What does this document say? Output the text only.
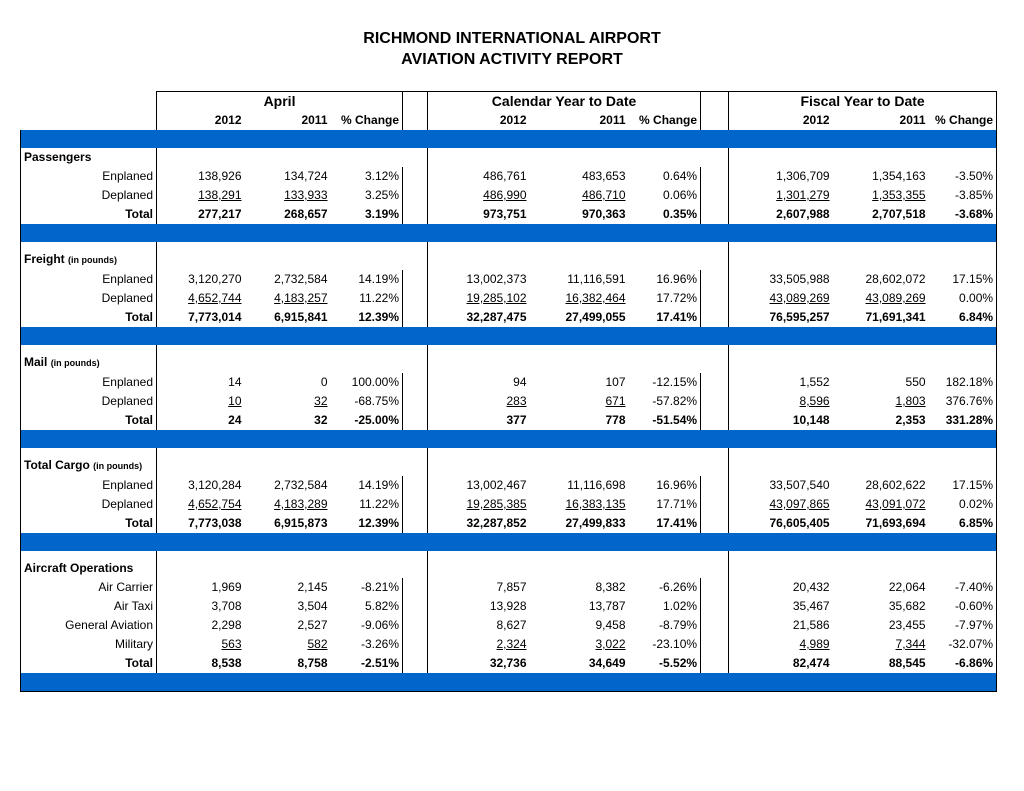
RICHMOND INTERNATIONAL AIRPORT
AVIATION ACTIVITY REPORT
	April				Calendar Year to Date				Fiscal Year to Date		
	2012	2011	% Change		2012	2011	% Change		2012	2011	% Change

Passengers											
Enplaned	138,926	134,724	3.12%		486,761	483,653	0.64%		1,306,709	1,354,163	-3.50%
Deplaned	138,291	133,933	3.25%		486,990	486,710	0.06%		1,301,279	1,353,355	-3.85%
Total	277,217	268,657	3.19%		973,751	970,363	0.35%		2,607,988	2,707,518	-3.68%

Freight (in pounds)											
Enplaned	3,120,270	2,732,584	14.19%		13,002,373	11,116,591	16.96%		33,505,988	28,602,072	17.15%
Deplaned	4,652,744	4,183,257	11.22%		19,285,102	16,382,464	17.72%		43,089,269	43,089,269	0.00%
Total	7,773,014	6,915,841	12.39%		32,287,475	27,499,055	17.41%		76,595,257	71,691,341	6.84%

Mail (in pounds)											
Enplaned	14	0	100.00%		94	107	-12.15%		1,552	550	182.18%
Deplaned	10	32	-68.75%		283	671	-57.82%		8,596	1,803	376.76%
Total	24	32	-25.00%		377	778	-51.54%		10,148	2,353	331.28%

Total Cargo (in pounds)											
Enplaned	3,120,284	2,732,584	14.19%		13,002,467	11,116,698	16.96%		33,507,540	28,602,622	17.15%
Deplaned	4,652,754	4,183,289	11.22%		19,285,385	16,383,135	17.71%		43,097,865	43,091,072	0.02%
Total	7,773,038	6,915,873	12.39%		32,287,852	27,499,833	17.41%		76,605,405	71,693,694	6.85%

Aircraft Operations											
Air Carrier	1,969	2,145	-8.21%		7,857	8,382	-6.26%		20,432	22,064	-7.40%
Air Taxi	3,708	3,504	5.82%		13,928	13,787	1.02%		35,467	35,682	-0.60%
General Aviation	2,298	2,527	-9.06%		8,627	9,458	-8.79%		21,586	23,455	-7.97%
Military	563	582	-3.26%		2,324	3,022	-23.10%		4,989	7,344	-32.07%
Total	8,538	8,758	-2.51%		32,736	34,649	-5.52%		82,474	88,545	-6.86%
